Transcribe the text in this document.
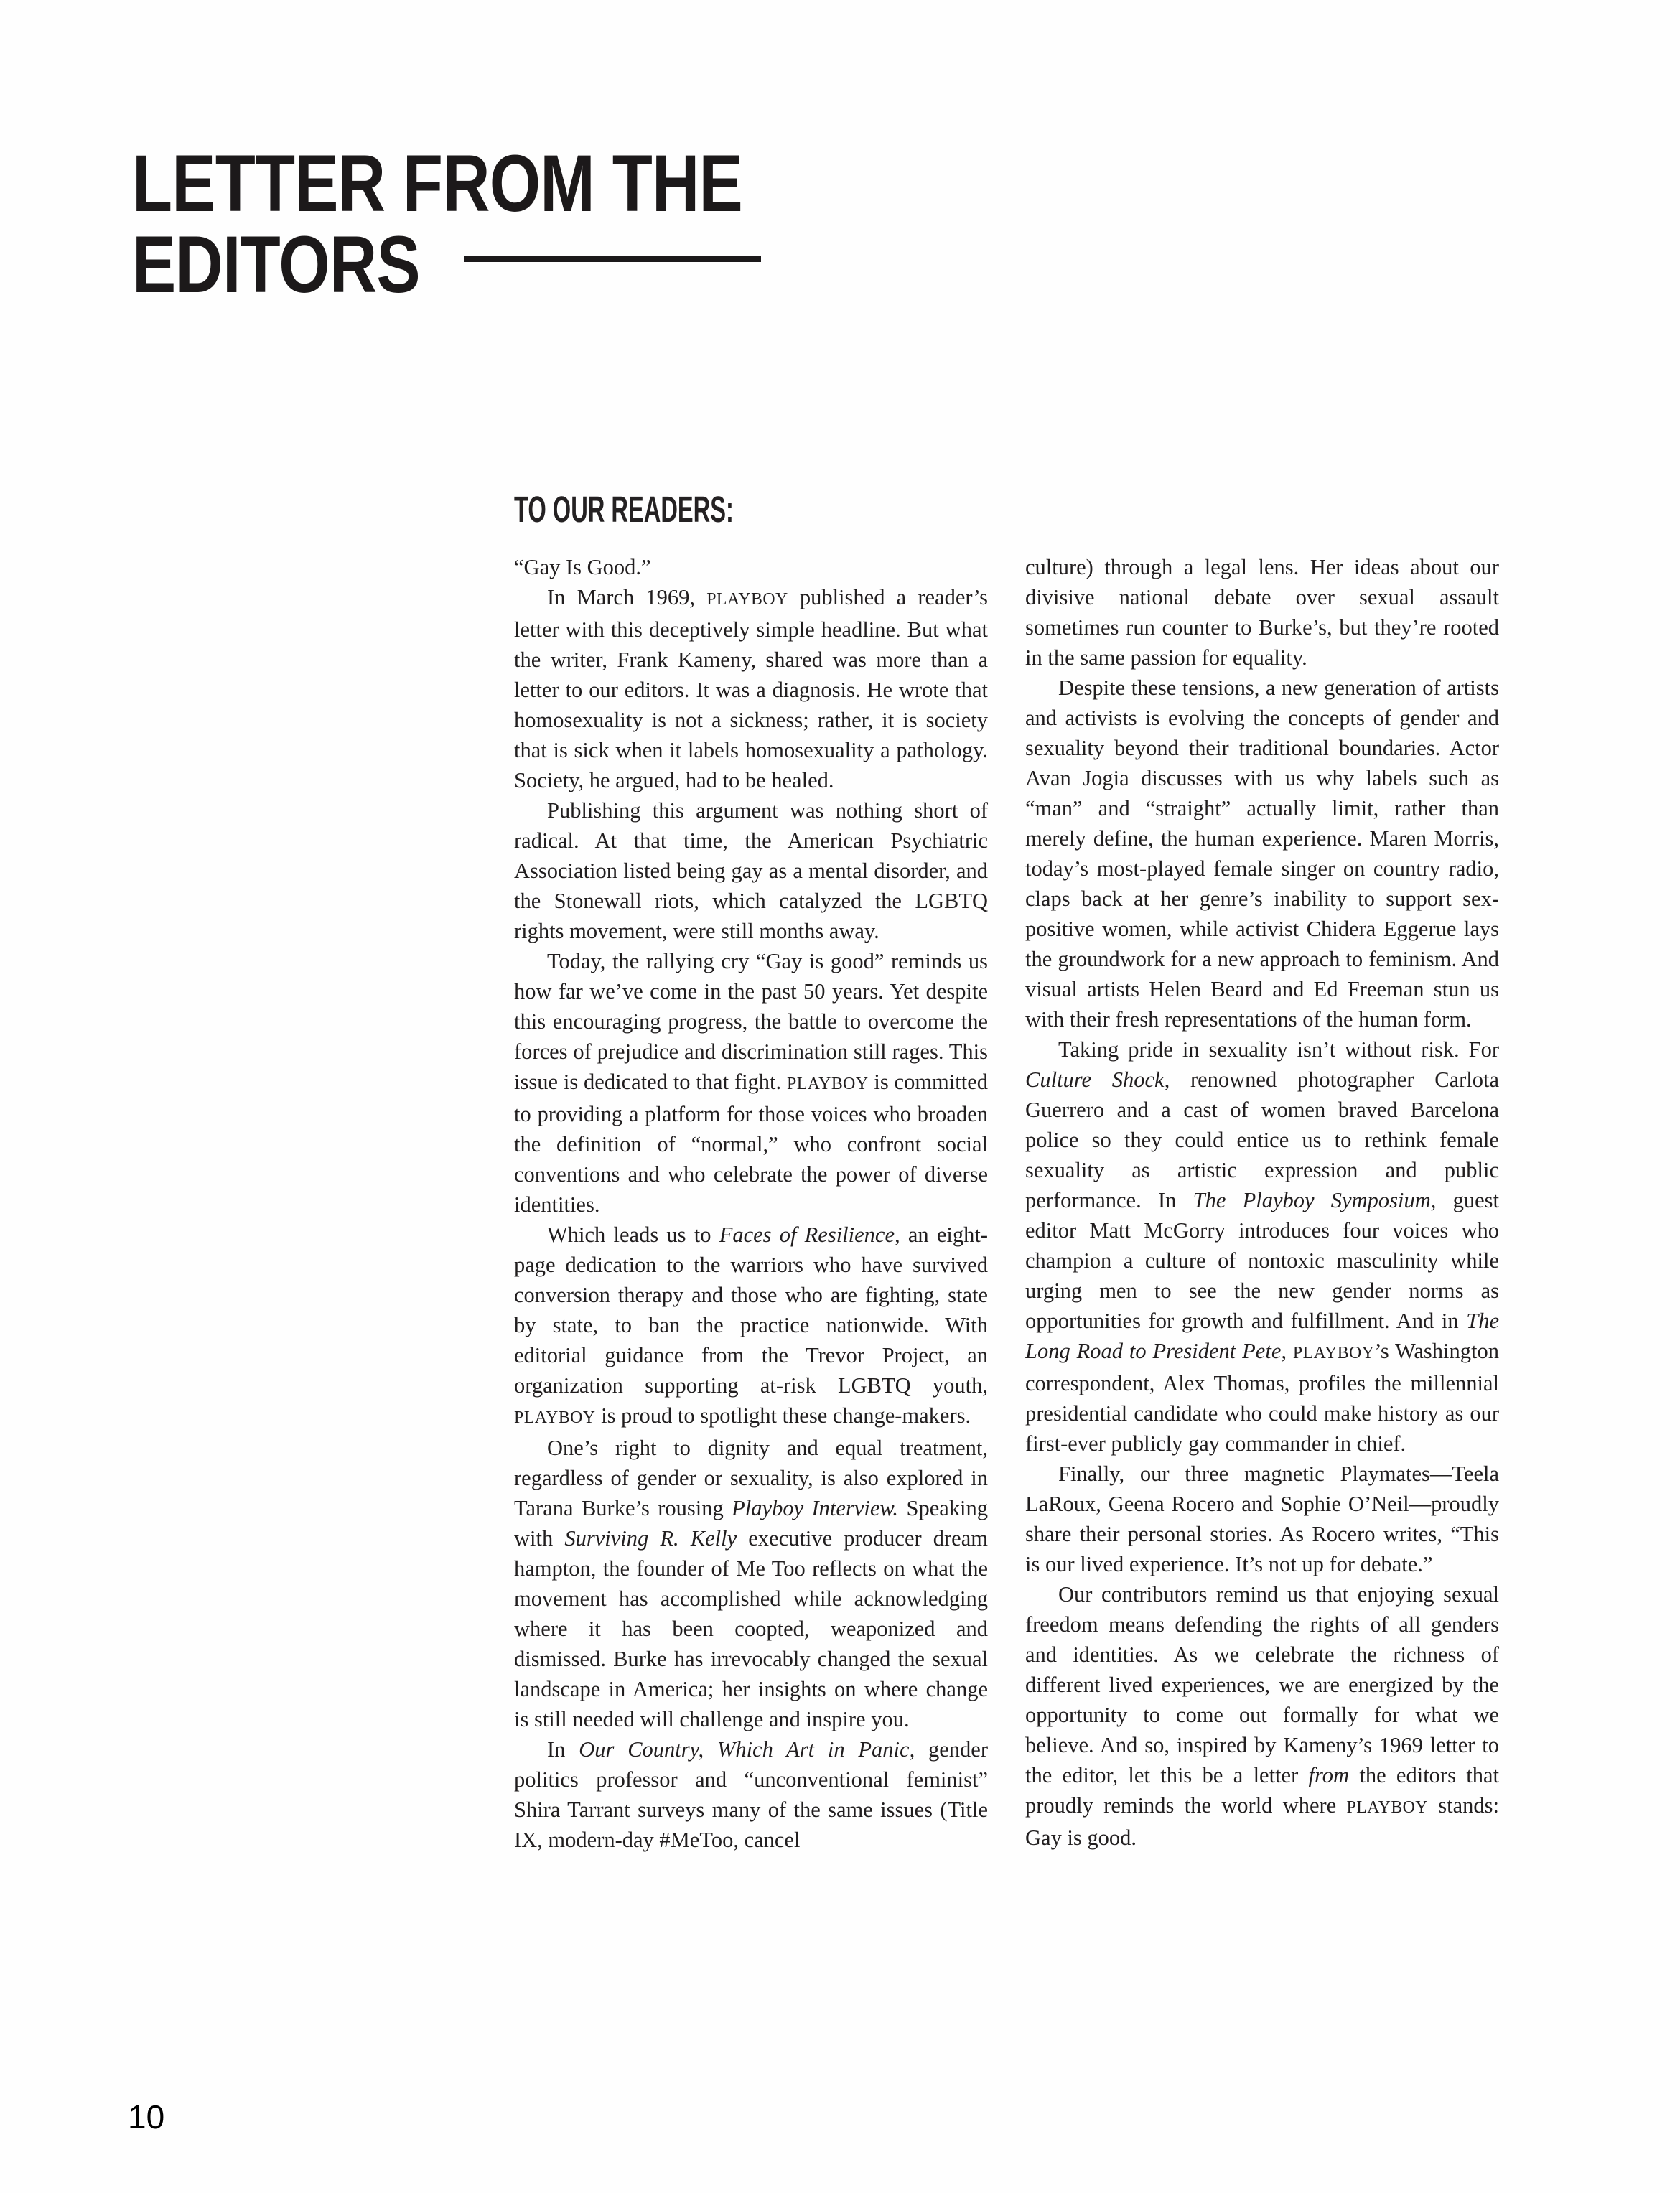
LETTER FROM THE
EDITORS
TO OUR READERS:

“Gay Is Good.”

In March 1969, PLAYBOY published a reader’s letter with this deceptively simple headline. But what the writer, Frank Kameny, shared was more than a letter to our editors. It was a diagnosis. He wrote that homosexuality is not a sickness; rather, it is society that is sick when it labels homosexuality a pathology. Society, he argued, had to be healed.

Publishing this argument was nothing short of radical. At that time, the American Psychiatric Association listed being gay as a mental disorder, and the Stonewall riots, which catalyzed the LGBTQ rights movement, were still months away.

Today, the rallying cry “Gay is good” reminds us how far we’ve come in the past 50 years. Yet despite this encouraging progress, the battle to overcome the forces of prejudice and discrimination still rages. This issue is dedicated to that fight. PLAYBOY is committed to providing a platform for those voices who broaden the definition of “normal,” who confront social conventions and who celebrate the power of diverse identities.

Which leads us to Faces of Resilience, an eight-page dedication to the warriors who have survived conversion therapy and those who are fighting, state by state, to ban the practice nationwide. With editorial guidance from the Trevor Project, an organization supporting at-risk LGBTQ youth, PLAYBOY is proud to spotlight these change-makers.

One’s right to dignity and equal treatment, regardless of gender or sexuality, is also explored in Tarana Burke’s rousing Playboy Interview. Speaking with Surviving R. Kelly executive producer dream hampton, the founder of Me Too reflects on what the movement has accomplished while acknowledging where it has been coopted, weaponized and dismissed. Burke has irrevocably changed the sexual landscape in America; her insights on where change is still needed will challenge and inspire you.

In Our Country, Which Art in Panic, gender politics professor and “unconventional feminist” Shira Tarrant surveys many of the same issues (Title IX, modern-day #MeToo, cancel

culture) through a legal lens. Her ideas about our divisive national debate over sexual assault sometimes run counter to Burke’s, but they’re rooted in the same passion for equality.

Despite these tensions, a new generation of artists and activists is evolving the concepts of gender and sexuality beyond their traditional boundaries. Actor Avan Jogia discusses with us why labels such as “man” and “straight” actually limit, rather than merely define, the human experience. Maren Morris, today’s most-played female singer on country radio, claps back at her genre’s inability to support sex-positive women, while activist Chidera Eggerue lays the groundwork for a new approach to feminism. And visual artists Helen Beard and Ed Freeman stun us with their fresh representations of the human form.

Taking pride in sexuality isn’t without risk. For Culture Shock, renowned photographer Carlota Guerrero and a cast of women braved Barcelona police so they could entice us to rethink female sexuality as artistic expression and public performance. In The Playboy Symposium, guest editor Matt McGorry introduces four voices who champion a culture of nontoxic masculinity while urging men to see the new gender norms as opportunities for growth and fulfillment. And in The Long Road to President Pete, PLAYBOY’s Washington correspondent, Alex Thomas, profiles the millennial presidential candidate who could make history as our first-ever publicly gay commander in chief.

Finally, our three magnetic Playmates—Teela LaRoux, Geena Rocero and Sophie O’Neil—proudly share their personal stories. As Rocero writes, “This is our lived experience. It’s not up for debate.”

Our contributors remind us that enjoying sexual freedom means defending the rights of all genders and identities. As we celebrate the richness of different lived experiences, we are energized by the opportunity to come out formally for what we believe. And so, inspired by Kameny’s 1969 letter to the editor, let this be a letter from the editors that proudly reminds the world where PLAYBOY stands: Gay is good.

10
